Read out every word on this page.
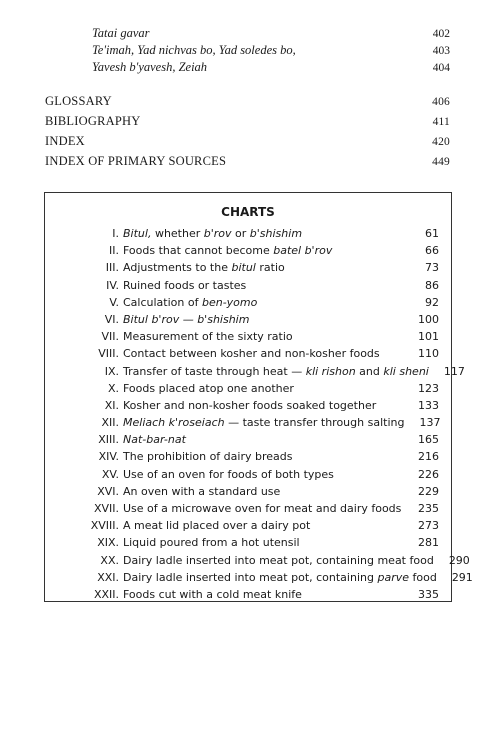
Tatai gavar	402
Te'imah, Yad nichvas bo, Yad soledes bo,	403
Yavesh b'yavesh, Zeiah	404
GLOSSARY	406
BIBLIOGRAPHY	411
INDEX	420
INDEX OF PRIMARY SOURCES	449
CHARTS
I. Bitul, whether b'rov or b'shishim	61
II. Foods that cannot become batel b'rov	66
III. Adjustments to the bitul ratio	73
IV. Ruined foods or tastes	86
V. Calculation of ben-yomo	92
VI. Bitul b'rov — b'shishim	100
VII. Measurement of the sixty ratio	101
VIII. Contact between kosher and non-kosher foods	110
IX. Transfer of taste through heat — kli rishon and kli sheni	117
X. Foods placed atop one another	123
XI. Kosher and non-kosher foods soaked together	133
XII. Meliach k'roseiach — taste transfer through salting	137
XIII. Nat-bar-nat	165
XIV. The prohibition of dairy breads	216
XV. Use of an oven for foods of both types	226
XVI. An oven with a standard use	229
XVII. Use of a microwave oven for meat and dairy foods	235
XVIII. A meat lid placed over a dairy pot	273
XIX. Liquid poured from a hot utensil	281
XX. Dairy ladle inserted into meat pot, containing meat food	290
XXI. Dairy ladle inserted into meat pot, containing parve food	291
XXII. Foods cut with a cold meat knife	335
